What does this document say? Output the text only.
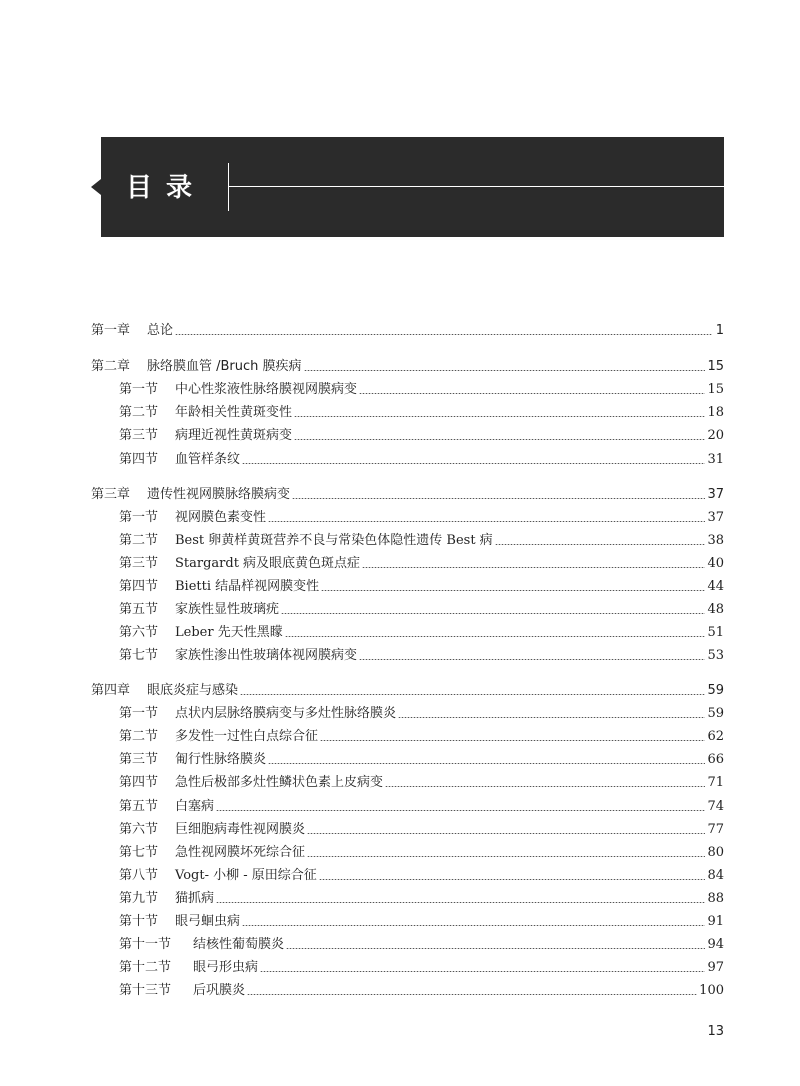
目录
第一章	总论	1
第二章	脉络膜血管 /Bruch 膜疾病	15
第一节	中心性浆液性脉络膜视网膜病变	15
第二节	年龄相关性黄斑变性	18
第三节	病理近视性黄斑病变	20
第四节	血管样条纹	31
第三章	遗传性视网膜脉络膜病变	37
第一节	视网膜色素变性	37
第二节	Best 卵黄样黄斑营养不良与常染色体隐性遗传 Best 病	38
第三节	Stargardt 病及眼底黄色斑点症	40
第四节	Bietti 结晶样视网膜变性	44
第五节	家族性显性玻璃疣	48
第六节	Leber 先天性黑矇	51
第七节	家族性渗出性玻璃体视网膜病变	53
第四章	眼底炎症与感染	59
第一节	点状内层脉络膜病变与多灶性脉络膜炎	59
第二节	多发性一过性白点综合征	62
第三节	匍行性脉络膜炎	66
第四节	急性后极部多灶性鳞状色素上皮病变	71
第五节	白塞病	74
第六节	巨细胞病毒性视网膜炎	77
第七节	急性视网膜坏死综合征	80
第八节	Vogt- 小柳 - 原田综合征	84
第九节	猫抓病	88
第十节	眼弓蛔虫病	91
第十一节	结核性葡萄膜炎	94
第十二节	眼弓形虫病	97
第十三节	后巩膜炎	100
13
